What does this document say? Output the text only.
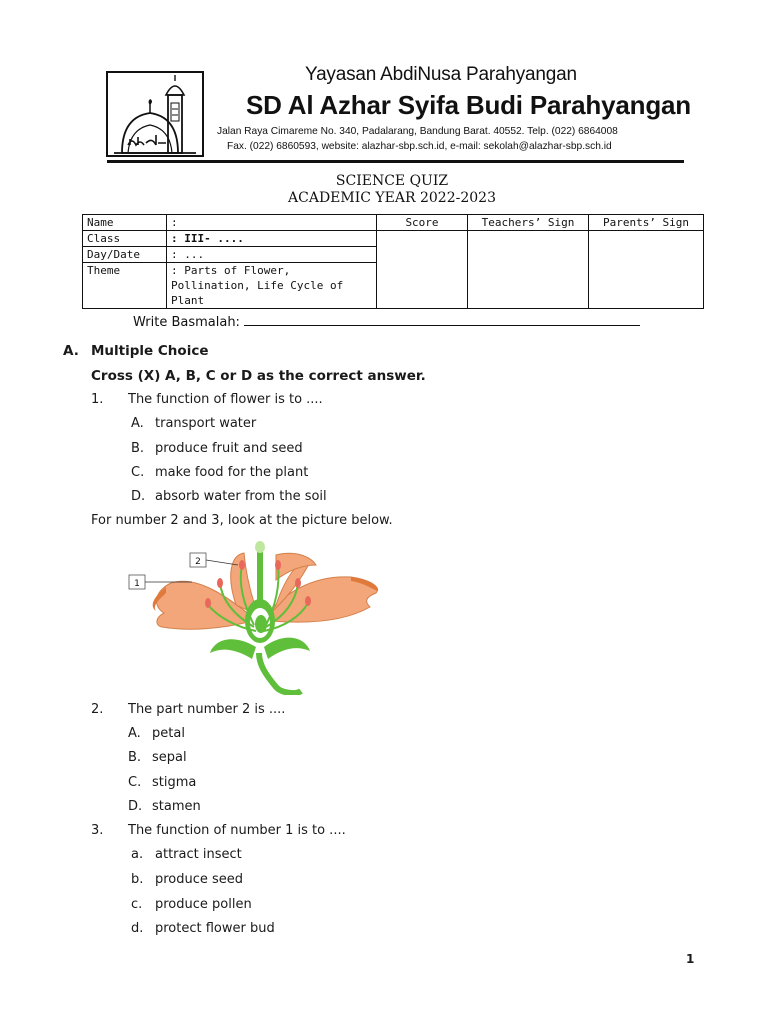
Yayasan AbdiNusa Parahyangan
SD Al Azhar Syifa Budi Parahyangan
Jalan Raya Cimareme No. 340, Padalarang, Bandung Barat. 40552. Telp. (022) 6864008
Fax. (022) 6860593, website: alazhar-sbp.sch.id, e-mail: sekolah@alazhar-sbp.sch.id
SCIENCE QUIZ
ACADEMIC YEAR 2022-2023
Name	:	Score	Teachers’ Sign	Parents’ Sign
Class	: III- ....			
Day/Date	: ...			
Theme	: Parts of Flower, Pollination, Life Cycle of Plant			
Write Basmalah:
A. Multiple Choice
Cross (X) A, B, C or D as the correct answer.
1. The function of flower is to ....
A. transport water
B. produce fruit and seed
C. make food for the plant
D. absorb water from the soil
For number 2 and 3, look at the picture below.
1
2
2. The part number 2 is ....
A. petal
B. sepal
C. stigma
D. stamen
3. The function of number 1 is to ....
a. attract insect
b. produce seed
c. produce pollen
d. protect flower bud
1
